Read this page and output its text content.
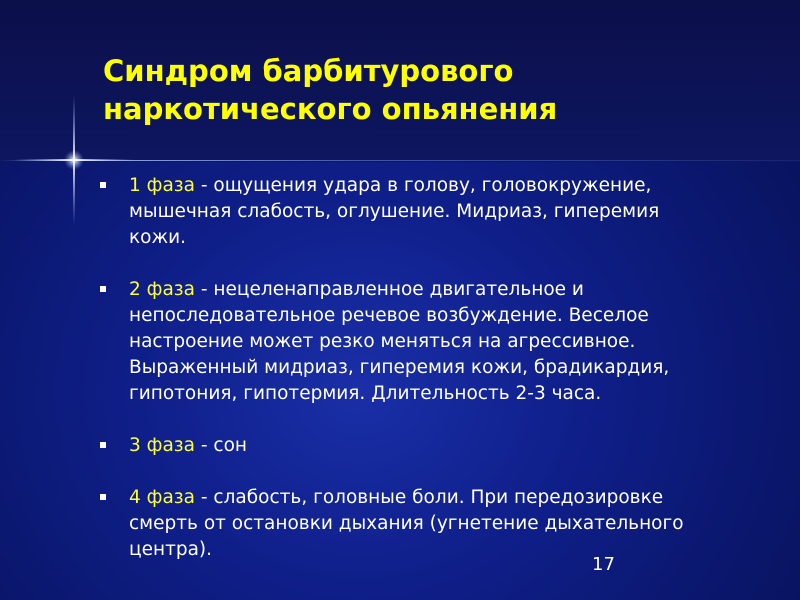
Синдром барбитурового
наркотического опьянения
1 фаза - ощущения удара в голову, головокружение, мышечная слабость, оглушение. Мидриаз, гиперемия кожи.
2 фаза - нецеленаправленное двигательное и непоследовательное речевое возбуждение. Веселое настроение может резко меняться на агрессивное. Выраженный мидриаз, гиперемия кожи, брадикардия, гипотония, гипотермия. Длительность 2-3 часа.
3 фаза - сон
4 фаза - слабость, головные боли. При передозировке смерть от остановки дыхания (угнетение дыхательного центра).
17
